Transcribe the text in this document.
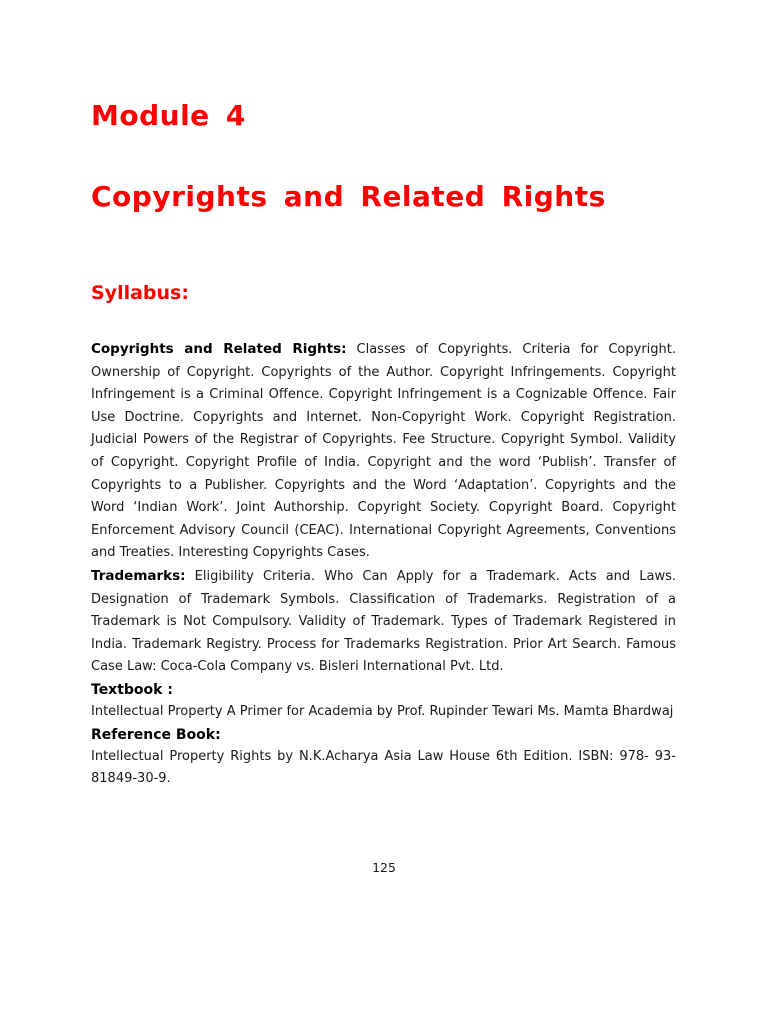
Module 4
Copyrights and Related Rights
Syllabus:

Copyrights and Related Rights: Classes of Copyrights. Criteria for Copyright. Ownership of Copyright. Copyrights of the Author. Copyright Infringements. Copyright Infringement is a Criminal Offence. Copyright Infringement is a Cognizable Offence. Fair Use Doctrine. Copyrights and Internet. Non-Copyright Work. Copyright Registration. Judicial Powers of the Registrar of Copyrights. Fee Structure. Copyright Symbol. Validity of Copyright. Copyright Profile of India. Copyright and the word ‘Publish’. Transfer of Copyrights to a Publisher. Copyrights and the Word ‘Adaptation’. Copyrights and the Word ‘Indian Work’. Joint Authorship. Copyright Society. Copyright Board. Copyright Enforcement Advisory Council (CEAC). International Copyright Agreements, Conventions and Treaties. Interesting Copyrights Cases.

Trademarks: Eligibility Criteria. Who Can Apply for a Trademark. Acts and Laws. Designation of Trademark Symbols. Classification of Trademarks. Registration of a Trademark is Not Compulsory. Validity of Trademark. Types of Trademark Registered in India. Trademark Registry. Process for Trademarks Registration. Prior Art Search. Famous Case Law: Coca-Cola Company vs. Bisleri International Pvt. Ltd.

Textbook :

Intellectual Property A Primer for Academia by Prof. Rupinder Tewari Ms. Mamta Bhardwaj

Reference Book:

Intellectual Property Rights by N.K.Acharya Asia Law House 6th Edition. ISBN: 978- 93-81849-30-9.

125
